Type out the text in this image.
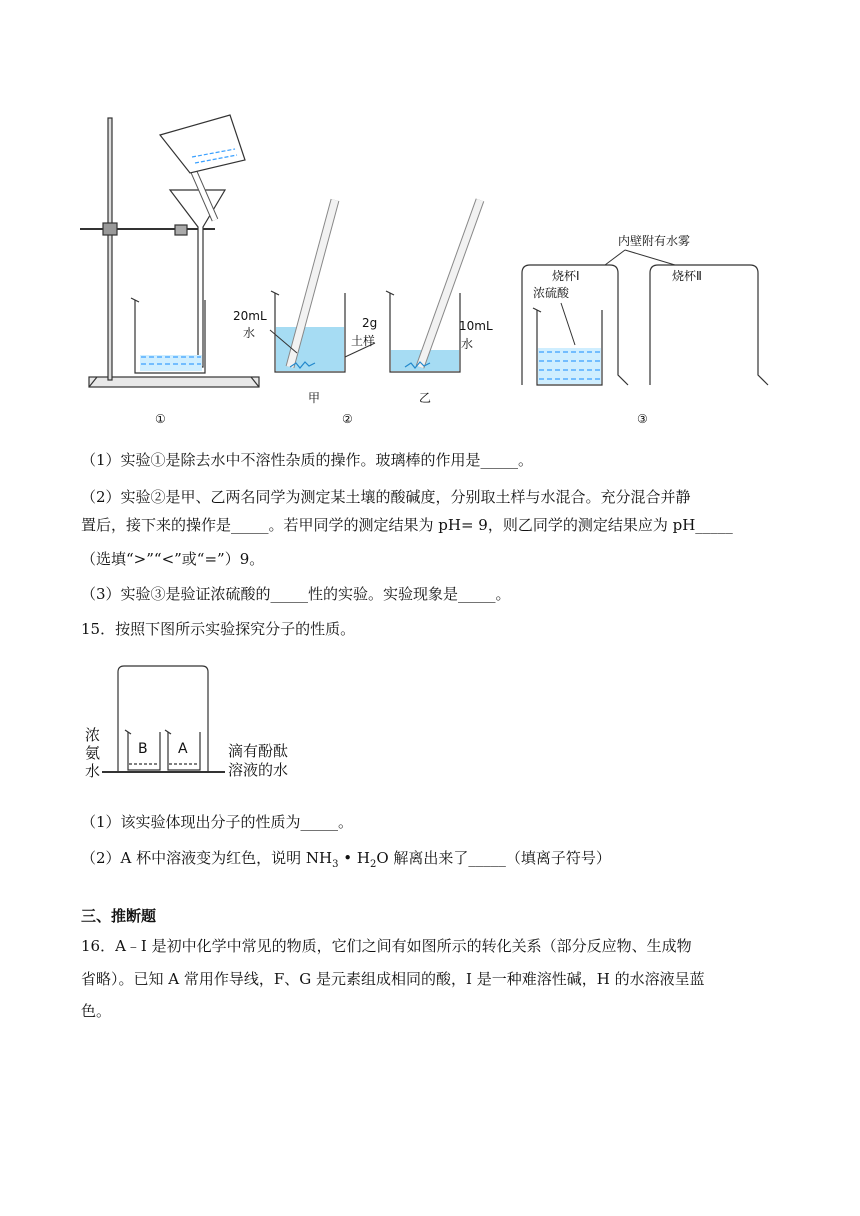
20mL
水
2g
土样
10mL
水
甲	乙
内壁附有水雾
烧杯Ⅰ
浓硫酸
烧杯Ⅱ
①	②	③
（1）实验①是除去水中不溶性杂质的操作。玻璃棒的作用是_____。
（2）实验②是甲、乙两名同学为测定某土壤的酸碱度，分别取土样与水混合。充分混合并静
置后，接下来的操作是_____。若甲同学的测定结果为 pH= 9，则乙同学的测定结果应为 pH_____
（选填“>”“<”或“=”）9。
（3）实验③是验证浓硫酸的_____性的实验。实验现象是_____。
15．按照下图所示实验探究分子的性质。
B A
浓
氨
水
滴有酚酞
溶液的水
（1）该实验体现出分子的性质为_____。
（2）A 杯中溶液变为红色，说明 $NH_3$ • $H_2O$ 解离出来了_____（填离子符号）
三、推断题
16．A﹣I 是初中化学中常见的物质，它们之间有如图所示的转化关系（部分反应物、生成物
省略）。已知 A 常用作导线，F、G 是元素组成相同的酸，I 是一种难溶性碱，H 的水溶液呈蓝
色。
